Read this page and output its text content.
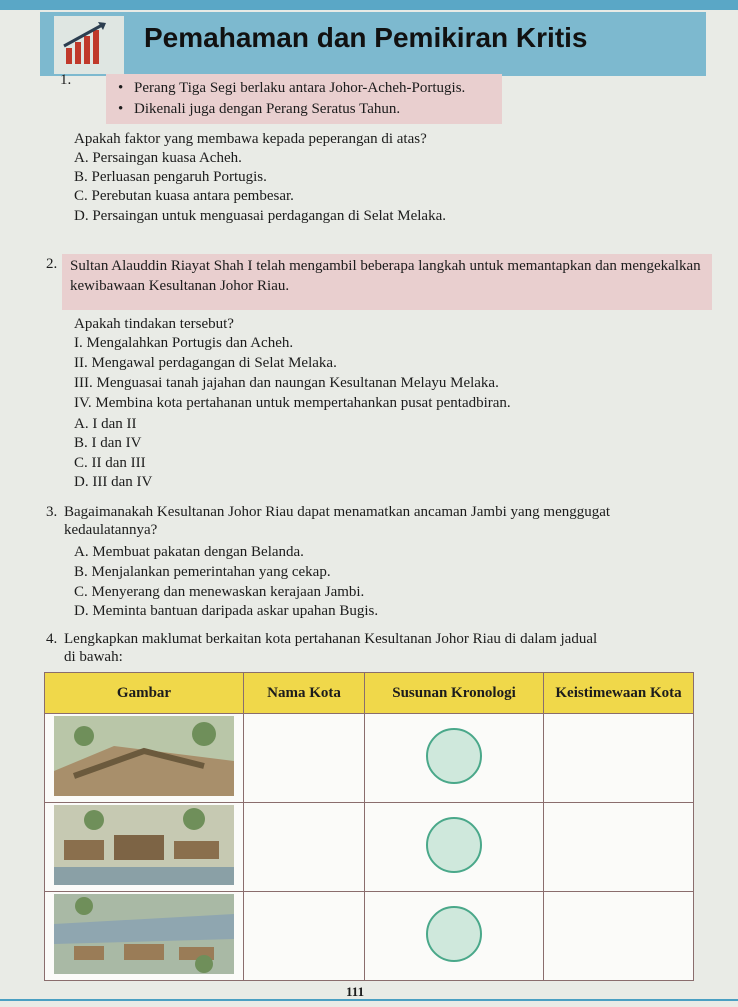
Pemahaman dan Pemikiran Kritis
1.	• Perang Tiga Segi berlaku antara Johor-Acheh-Portugis.
• Dikenali juga dengan Perang Seratus Tahun.
Apakah faktor yang membawa kepada peperangan di atas?
A. Persaingan kuasa Acheh.
B. Perluasan pengaruh Portugis.
C. Perebutan kuasa antara pembesar.
D. Persaingan untuk menguasai perdagangan di Selat Melaka.
2. Sultan Alauddin Riayat Shah I telah mengambil beberapa langkah untuk memantapkan dan mengekalkan kewibawaan Kesultanan Johor Riau.
Apakah tindakan tersebut?
I. Mengalahkan Portugis dan Acheh.
II. Mengawal perdagangan di Selat Melaka.
III. Menguasai tanah jajahan dan naungan Kesultanan Melayu Melaka.
IV. Membina kota pertahanan untuk mempertahankan pusat pentadbiran.
A. I dan II
B. I dan IV
C. II dan III
D. III dan IV
3. Bagaimanakah Kesultanan Johor Riau dapat menamatkan ancaman Jambi yang menggugat
kedaulatannya?
A. Membuat pakatan dengan Belanda.
B. Menjalankan pemerintahan yang cekap.
C. Menyerang dan menewaskan kerajaan Jambi.
D. Meminta bantuan daripada askar upahan Bugis.
4. Lengkapkan maklumat berkaitan kota pertahanan Kesultanan Johor Riau di dalam jadual
di bawah:
Gambar	Nama Kota	Susunan Kronologi	Keistimewaan Kota

111
